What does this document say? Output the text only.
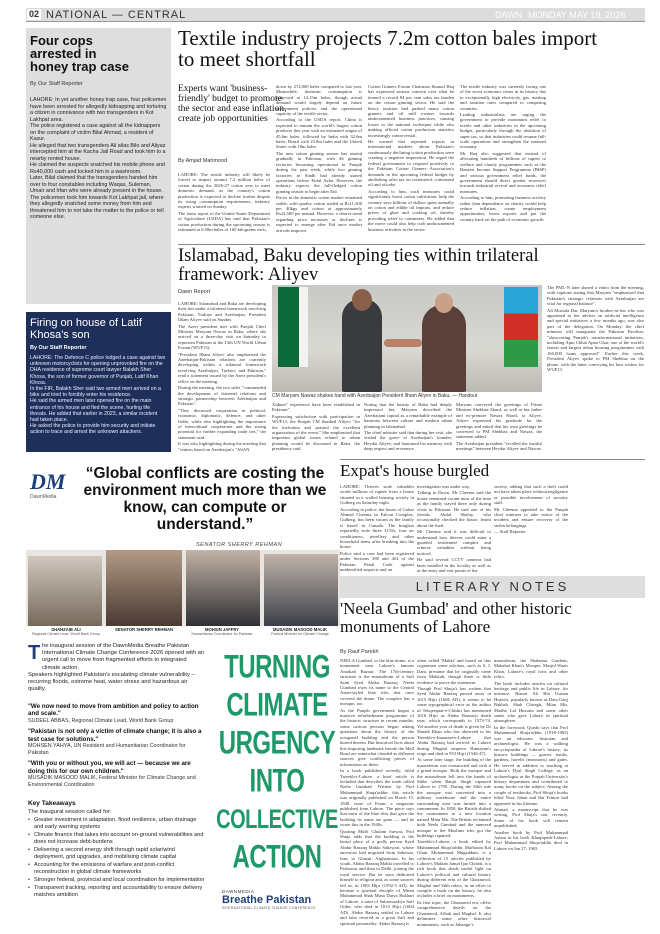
02 NATIONAL — CENTRAL	DAWN MONDAY MAY 18, 2026
Four cops arrested in honey trap case
By Our Staff Reporter

LAHORE: In yet another honey trap case, four policemen have been arrested for allegedly kidnapping and torturing a citizen in connivance with two transgenders in Kot Lakhpat area.

The police registered a case against all the kidnappers on the complaint of victim Bilal Ahmad, a resident of Kasur.

He alleged that two transgenders Ali alias Bilo and Aliyaz intercepted him at the Kacha Jail Road and took him to a nearby rented house.

He claimed the suspects snatched his mobile phone and Rs40,000 cash and locked him in a washroom.

Later, Bilal claimed that the transgenders handed him over to four constables including Waqas, Suleman, Umair and Irfan who were already present in the house.

The policemen took him towards Kot Lakhpat jail, where they allegedly snatched some money from him and threatened him to not take the matter to the police or tell someone else.

Firing on house of Latif Khosa's son
By Our Staff Reporter

LAHORE: The Defence C police lodged a case against two unknown motorcyclists for opening unprovoked fire on the DHA residence of supreme court lawyer Balakh Sher Khosa, the son of former governor of Punjab, Latif Khan Khosa.

In the FIR, Balakh Sher said two armed men arrived on a bike and tried to forcibly enter his residence.

He said the armed men later opened fire on the main entrance of his house and fled the scene, hurling life threats. He added that earlier in 2023, a similar incident had taken place.

He asked the police to provide him security and initiate action to trace and arrest the unknown attackers.

Textile industry projects 7.2m cotton bales import to meet shortfall
Experts want 'business-friendly' budget to promote the sector and ease inflation, create job opportunities
By Amjad Mahmood

LAHORE: The textile industry will likely be forced to import around 7.2 million bales of cotton during the 2026-27 cotton year to meet domestic demand, as the country's cotton production is expected to decline further despite its rising consumption requirements, industry experts warned on Sunday.

The latest report of the United States Department of Agriculture (USDA) has said that Pakistan's cotton production during the upcoming season is estimated at 6.58m bales of 160 kilograms each,

down by 272,000 bales compared to last year. Meanwhile, domestic consumption is projected at 14.15m bales, though actual demand would largely depend on future government policies and the operational capacity of the textile sector.

According to the USDA report, China is expected to remain the world's largest cotton producer this year with an estimated output of 45.6m bales, followed by India with 32.6m bales, Brazil with 23.8m bales and the United States with 18m bales.

The new cotton ginning season has started gradually in Pakistan, with 46 ginning factories becoming operational in Punjab during the past week, while two ginning factories in Sindh had already started operations before Eidul Azha. However, the industry expects the full-fledged cotton ginning season to begin after Eid.

Prices in the domestic cotton market remained stable, with quality cotton traded at Rs11,500 per 40kgs and cotton at approximately Rs22,500 per maund. However, a clearer trend regarding price increases or declines is expected to emerge after Eid once market arrivals improve.

Cotton Ginners Forum Chairman Ihsanul Haq has expressed serious concern over what he termed a record 84 per cent sales tax burden on the cotton ginning sector. He said the heavy taxation had pushed many cotton ginners and oil mill owners towards undocumented business practices, causing losses to the national exchequer while also making official cotton production statistics increasingly controversial.

He warned that repeated reports in international markets about Pakistan's continuously declining cotton production were creating a negative impression. He urged the federal government to respond positively to the Pakistan Cotton Ginners Association's demands in the upcoming federal budget by abolishing sales tax on cottonseed, cottonseed oil and oilcake.

According to him, such measures could significantly boost cotton cultivation, help the country save billions of dollars spent annually on cotton and edible oil imports, and reduce prices of ghee and cooking oil, thereby providing relief to consumers. He added that the move could also help curb undocumented business activities in the sector.

The textile industry was currently facing one of the worst economic crises in its history due to exceptionally high electricity, gas, markup and taxation rates compared to competing countries.

Leading industrialists are urging the government to provide maximum relief to textile and other industries in the upcoming budget, particularly through the abolition of super tax, so that industries could resume full-scale operations and strengthen the national economy.

Mr Haq also suggested that instead of allocating hundreds of billions of rupees to welfare and charity programmes such as the Benazir Income Support Programme (BISP) and various government relief funds, the government should direct greater resources towards industrial revival and economic relief measures.

According to him, promoting business activity rather than dependence on charity would help reduce inflation, create employment opportunities, boost exports and put the country back on the path of economic growth.

Islamabad, Baku developing ties within trilateral framework: Aliyev
Dawn Report

LAHORE: Islamabad and Baku are developing their ties under a trilateral framework involving Pakistan, Turkiye and Azerbaijan, President Ilham Aliyev said on Sunday.

The Azeri president met with Punjab Chief Minister Maryam Nawaz in Baku, where she arrived on a three-day visit on Saturday to represent Pakistan at the 13th UN World Urban Forum (WUF13).

"President Ilham Aliyev also emphasised the Azerbaijan-Pakistan relations are currently developing within a trilateral framework involving Azerbaijan, Türkiye, and Pakistan," read a statement issued by the Azeri president's office on the meeting.

During the meeting, the two sides "commended the development of fraternal relations and strategic partnership between Azerbaijan and Pakistan".

"They discussed cooperation in political, economic, diplomatic, defence, and other fields, while also highlighting the importance of intercultural cooperation and the strong potential for further expanding trade ties," the statement said.

It was also highlighting during the meeting that "centres based on Azerbaijan's "ASAN

Xidmet" experience have been established in Pakistan".

Expressing satisfaction with participation in WUF13, the Punjab CM thanked Aliyev "for the invitation and praised the excellent organisation of the event." She emphasised that important global issues related to urban planning would be discussed in Baku, the presidency said.

Noting that the beauty of Baku had deeply impressed her, Maryam described the Azerbaijani capital as a remarkable example of harmony between culture and modern urban planning in Islamabad.

The chief minister said that during her visit, she visited the grave of Azerbaijan's founder, Heydar Aliyev, and honoured his memory with deep respect and reverence.

Maryam conveyed the greetings of Prime Minister Shehbaz Sharif, as well as her father and ex-premier Nawaz Sharif, to Aliyev. Aliyev expressed his gratitude for the greetings and asked that his own greetings be conveyed to PM Shehbaz and Nawaz, the statement added.

The Azerbaijan president "recalled the fruitful meetings" between Heydar Aliyev and Nawaz.

The PML-N later shared a video from the meeting, with captions stating that Maryam "emphasised that Pakistan's strategic relations with Azerbaijan are vital for regional balance".

Ali Mustafa Dar, Maryam's brother-in-law who was appointed as her adviser on artificial intelligence and special initiatives a few months ago, was also part of the delegation. On Monday, the chief minister will inaugurate the Pakistan Pavilion, "showcasing Punjab's transformational initiatives, including Apni Chhat Apna Ghar, one of the world's fastest and largest urban housing programmes with 160,000 loans approved". Earlier this week, President Aliyev spoke to PM Shehbaz on the phone, with the latter conveying his best wishes for WUF13.

CM Maryam Nawaz shakes hand with Azerbaijan President Ilham Aliyev in Baku. — Handout
DM
DawnMedia
“Global conflicts are costing the environment much more than we know, can compute or understand.”
SENATOR SHERRY REHMAN
SHAHZAIB ALI
Regional Climate Lead, World Bank Group
SENATOR SHERRY REHMAN	MOHSIN JAFFRY
Humanitarian Coordinator for Pakistan
MUSADIK MASOOD MALIK
Federal Minister for Climate Change
T he inaugural session of the DawnMedia Breathe Pakistan International Climate Change Conference 2026 opened with an urgent call to move from fragmented efforts to integrated climate action.
Speakers highlighted Pakistan's escalating climate vulnerability – recurring floods, extreme heat, water stress and hazardous air quality.
"We now need to move from ambition and policy to action and scale."
SUDEEL ABBAS, Regional Climate Lead, World Bank Group
"Pakistan is not only a victim of climate change; it is also a test case for solutions."
MOHSEN YAHYA, UN Resident and Humanitarian Coordinator for Pakistan
"With you or without you, we will act — because we are doing this for our own children."
MUSADIK MASOOD MALIK, Federal Minister for Climate Change and Environmental Coordination
Key Takeaways
The inaugural session called for:
• Greater investment in adaptation, flood resilience, urban drainage and early warning systems
• Climate finance that takes into account on-ground vulnerabilities and does not increase debt-burdens
• Delivering a second energy shift through rapid solar/wind deployment, grid upgrades, and mobilising climate capital
• Accounting for the emissions of warfare and post-conflict reconstruction in global climate frameworks
• Stronger federal, provincial and local coordination for implementation
• Transparent tracking, reporting and accountability to ensure delivery matches ambition
TURNING
CLIMATE
URGENCY
INTO
COLLECTIVE
ACTION
DAWNMEDIA
Breathe Pakistan
INTERNATIONAL CLIMATE CHANGE CONFERENCE
Expat's house burgled

LAHORE: Thieves stole valuables worth millions of rupees from a house situated in a walled housing society in Gulberg on Saturday night.

According to police, the house of Gohar Ahmad Cheema in Falcon Complex, Gulberg, has been vacant as the family is based in Canada. The burglars reportedly stole three LCDs, four air conditioners, jewellery and other household items after breaking into the house.

Police said a case had been registered under Sections 380 and 454 of the Pakistan Penal Code against unidentified suspects and an

investigation was under way.

Talking to Dawn, Mr Cheema said the house remained vacant most of the time as the family stayed there only during visits to Pakistan. He said one of his friends, Abdul Shafay, who occasionally checked the house, learnt about the theft.

Mr Cheema said it was difficult to understand how thieves could enter a guarded residential complex and remove valuables without being noticed.

He said several CCTV cameras had been installed in the locality as well as at the entry and exit points of the

society, adding that such a theft could not have taken place without negligence or possible involvement of security staff.

Mr Cheema appealed to the Punjab chief minister to take notice of the incident and ensure recovery of the stolen belongings.

— Staff Reporter

LITERARY NOTES
'Neela Gumbad' and other historic monuments of Lahore
By Rauf Parekh

NEELA Gumbad, or the blue dome, is a monument near Lahore's famous Anarkali Bazaar. The 17th-century structure is the mausoleum of a Sufi Saint Syed Abdur Razzaq. Neela Gumbad owes its name to the Central Asian-styled blue tiles that once covered the dome. The complex has a mosque, too.

As the Punjab government began a massive refurbishment programme of the historic structure in recent months, some curious persons began asking questions about the history of the octagonal building and the person buried therein. But historical facts about this imposing landmark beside the Mall Road are somewhat clouded as different sources give conflicting pieces of information on them.

In a book published recently, titled Tareekh-i-Lahore, a brief article is included that describes the tomb called Neela Gumbad. Written by Prof Muhammad Shuja'uddin, this article was originally published on March 15, 1948, issue of Faran, a magazine published from Lahore. The piece says that most of the blue tiles that gave the building its name are gone — and he wrote this in the 1940s.

Quoting Mufti Ghulam Sarwar, Prof Shuja adds that the building is the burial place of a godly person Syed Abdur Razzaq Makki Sabzwari, whose ancestors had migrated from Sabzwar, Iran, to Ghazni, Afghanistan. In his youth, Abdur Razzaq Makki travelled to Peshawar and then to Delhi, joining the royal service. But he soon dedicated himself to religion and, as some sources tell us, in 1003 Hijri (1592-3 AD), he became a spiritual disciple of Miran Muhammad Shah Musa Darya Bukhari of Lahore, a saint of Suharwardiya Sufi Order, who died in 1013 Hijri (1604 AD). Abdur Razzaq settled in Lahore and later revered as a great Sufi and spiritual personality. Abdur Razzaq is

often called 'Makki' and based on this cognomen some scholars, such as S. I. Dani, presume that he originally came from Makkah, though there is little evidence to prove the statement.

Though Prof Shuja's has written that Syed Abdur Razzaq passed away in 1015 Hijri (1606 AD), it seems to be some typographical error as the author of Tehqeeqaat-e-Chishti has mentioned 1016 Hijri as Abdur Razzaq's death year, which corresponds to 1573-74. Yet another year of death is given by Dr Shuaib Khan who has observed in his Tareekh-e-Imaaraat-e-Lahore that Abdur Razzaq had arrived in Lahore during Mughal emperor Humayun's reign and died in 953 Hijri (1546-47).

At some later stage, the building of the mausoleum was constructed and with it a grand mosque. Both the mosque and the mausoleum fell into the hands of Sikhs when Ranjit Singh captured Lahore in 1799. During the Sikh rule the mosque was converted into a military warehouse and the entire surrounding area was turned into a cantonment. In 1850, the British shifted the cantonment to a new location named Mian Mir. The British reclaimed both Neela Gumbad and the annexed mosque to the Muslims who got the buildings repaired.

Tareekh-i-Lahore, a book edited by Muhammad Shuja'uddin, Marhoom Kal Ghuir Muhammad Mugaddam, is a collection of 15 articles published by Lahore's Maktab Jamal Ijaz Chishti, is a rich book that sheds useful light on Lahore's political and cultural history during different eras of the Ghaznavid, Mughal and Sikh rulers, in an effort to compile a book on the history, he also includes a brief on monuments.

Its first topic, the Ghaznavid era, offers comprehensive details on the Ghaznavid, Afbak and Mughal. It also delineates some other historical monuments, such as Jahangir's

mausoleum, the Shalamar Gardens, Mahabat Khan's Mosque, Masjid Wazir Khan, Lahore's royal forts and other relics.

The book includes articles on cultural heritage and public life in Lahore, for instance, Hazrat Ali Bin Usman Hujwiri, popularly known as Data Ganj Bakhsh, Shah Chiragh, Mian Mir, Madho Lal Hussain and some other saints who gave Lahore its spiritual atmosphere.

In the foreword, Qurshi says that Prof Muhammad Shuja'uddin (1918-1965) was an educator, historian and archaeologist. He was a walking encyclopaedia of Lahore's history, its historic buildings — graves, tombs, gardens, havelis (mansions) and gates. He served in addition to teaching at Lahore's Dyal Singh College, as an archaeologist at the Punjab University's history department and contributed to many books on the subject. Among the couple of textbooks, Prof Shuja's books titled Noor Jahan and Ibn Teimur had appeared in his lifetime.

Ahmad, a manuscript that he was writing, Prof Shuja's son, recently, Some of his book will remain unpublished.

Another book by Prof Muhammad Aslam in his book Khaqiqatsh-Lahore, Prof Muhammad Shuja'uddin died in Lahore on Jan 27, 1965.
